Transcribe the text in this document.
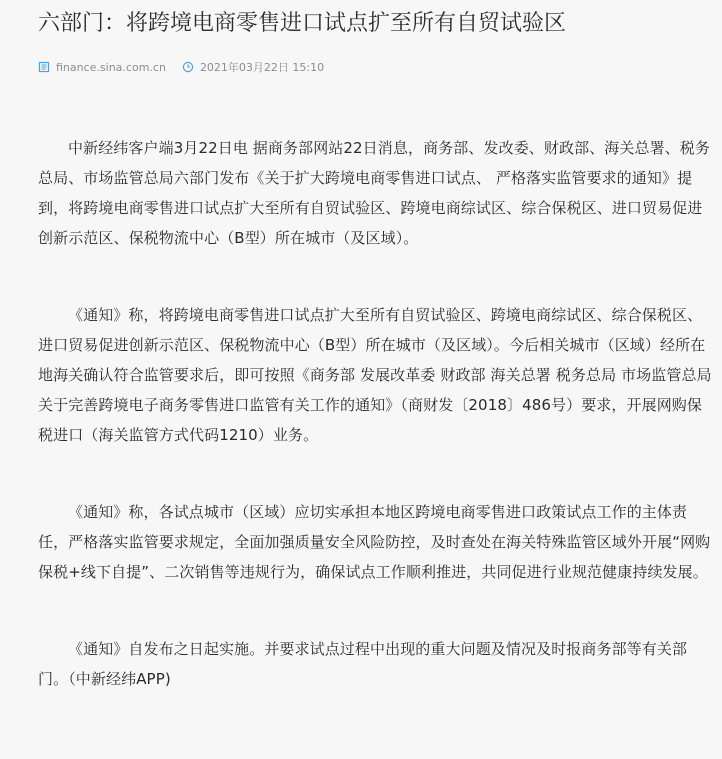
六部门：将跨境电商零售进口试点扩至所有自贸试验区
finance.sina.com.cn	2021年03月22日 15:10

中新经纬客户端3月22日电 据商务部网站22日消息，商务部、发改委、财政部、海关总署、税务总局、市场监管总局六部门发布《关于扩大跨境电商零售进口试点、 严格落实监管要求的通知》提到，将跨境电商零售进口试点扩大至所有自贸试验区、跨境电商综试区、综合保税区、进口贸易促进创新示范区、保税物流中心（B型）所在城市（及区域）。

《通知》称，将跨境电商零售进口试点扩大至所有自贸试验区、跨境电商综试区、综合保税区、进口贸易促进创新示范区、保税物流中心（B型）所在城市（及区域）。今后相关城市（区域）经所在地海关确认符合监管要求后，即可按照《商务部 发展改革委 财政部 海关总署 税务总局 市场监管总局关于完善跨境电子商务零售进口监管有关工作的通知》（商财发〔2018〕486号）要求，开展网购保税进口（海关监管方式代码1210）业务。

《通知》称，各试点城市（区域）应切实承担本地区跨境电商零售进口政策试点工作的主体责任，严格落实监管要求规定，全面加强质量安全风险防控，及时查处在海关特殊监管区域外开展“网购保税+线下自提”、二次销售等违规行为，确保试点工作顺利推进，共同促进行业规范健康持续发展。

《通知》自发布之日起实施。并要求试点过程中出现的重大问题及情况及时报商务部等有关部门。（中新经纬APP)
